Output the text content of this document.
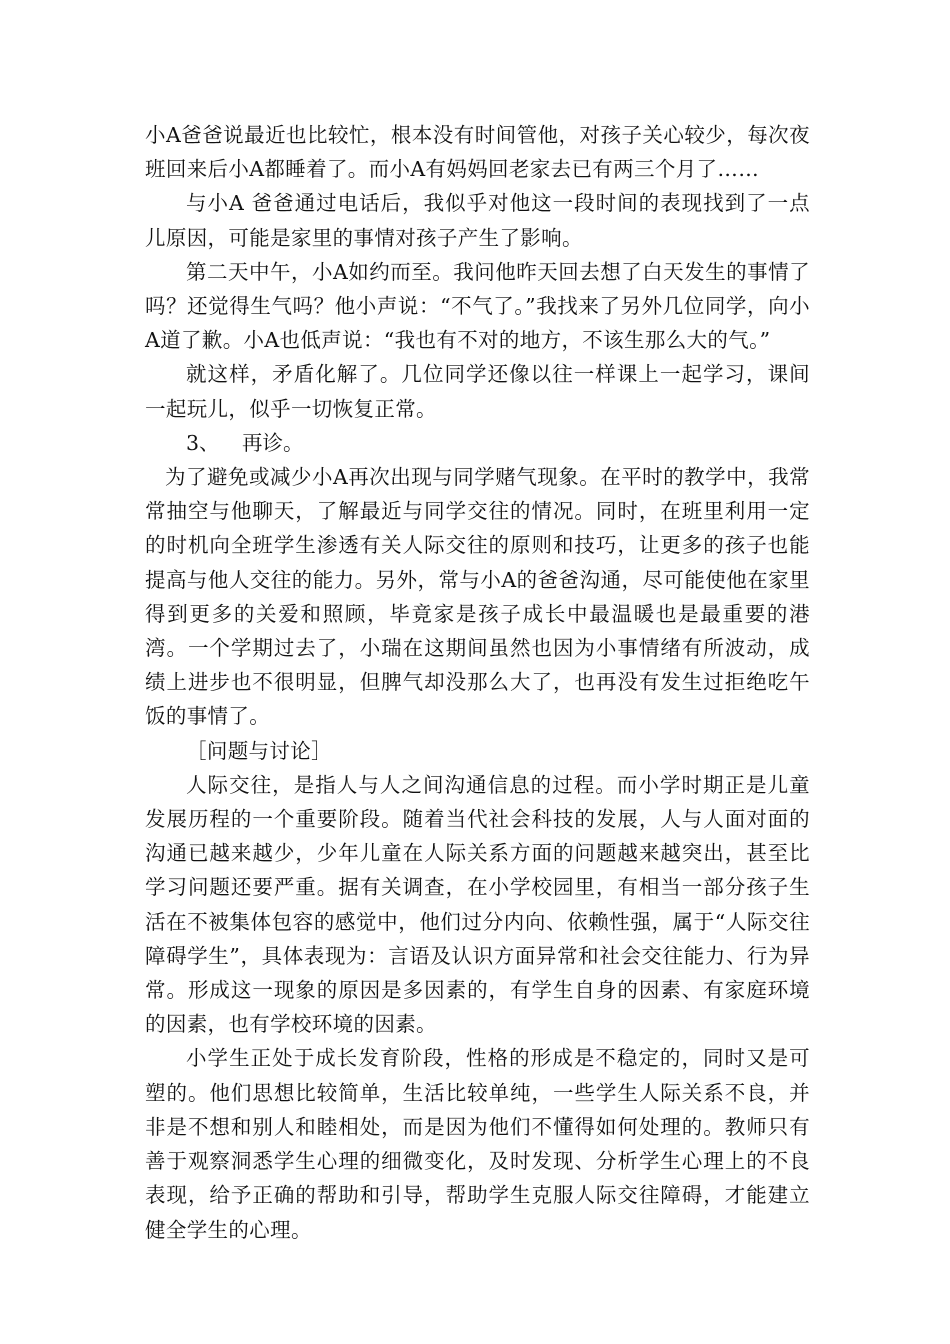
小A爸爸说最近也比较忙，根本没有时间管他，对孩子关心较少，每次夜班回来后小A都睡着了。而小A有妈妈回老家去已有两三个月了……

与小A 爸爸通过电话后，我似乎对他这一段时间的表现找到了一点儿原因，可能是家里的事情对孩子产生了影响。

第二天中午，小A如约而至。我问他昨天回去想了白天发生的事情了吗？还觉得生气吗？他小声说：“不气了。”我找来了另外几位同学，向小A道了歉。小A也低声说：“我也有不对的地方，不该生那么大的气。”

就这样，矛盾化解了。几位同学还像以往一样课上一起学习，课间一起玩儿，似乎一切恢复正常。

3、 再诊。

为了避免或减少小A再次出现与同学赌气现象。在平时的教学中，我常常抽空与他聊天，了解最近与同学交往的情况。同时，在班里利用一定的时机向全班学生渗透有关人际交往的原则和技巧，让更多的孩子也能提高与他人交往的能力。另外，常与小A的爸爸沟通，尽可能使他在家里得到更多的关爱和照顾，毕竟家是孩子成长中最温暖也是最重要的港湾。一个学期过去了，小瑞在这期间虽然也因为小事情绪有所波动，成绩上进步也不很明显，但脾气却没那么大了，也再没有发生过拒绝吃午饭的事情了。

［问题与讨论］

人际交往，是指人与人之间沟通信息的过程。而小学时期正是儿童发展历程的一个重要阶段。随着当代社会科技的发展，人与人面对面的沟通已越来越少，少年儿童在人际关系方面的问题越来越突出，甚至比学习问题还要严重。据有关调查，在小学校园里，有相当一部分孩子生活在不被集体包容的感觉中，他们过分内向、依赖性强，属于“人际交往障碍学生”，具体表现为：言语及认识方面异常和社会交往能力、行为异常。形成这一现象的原因是多因素的，有学生自身的因素、有家庭环境的因素，也有学校环境的因素。

小学生正处于成长发育阶段，性格的形成是不稳定的，同时又是可塑的。他们思想比较简单，生活比较单纯，一些学生人际关系不良，并非是不想和别人和睦相处，而是因为他们不懂得如何处理的。教师只有善于观察洞悉学生心理的细微变化，及时发现、分析学生心理上的不良表现，给予正确的帮助和引导，帮助学生克服人际交往障碍，才能建立健全学生的心理。
